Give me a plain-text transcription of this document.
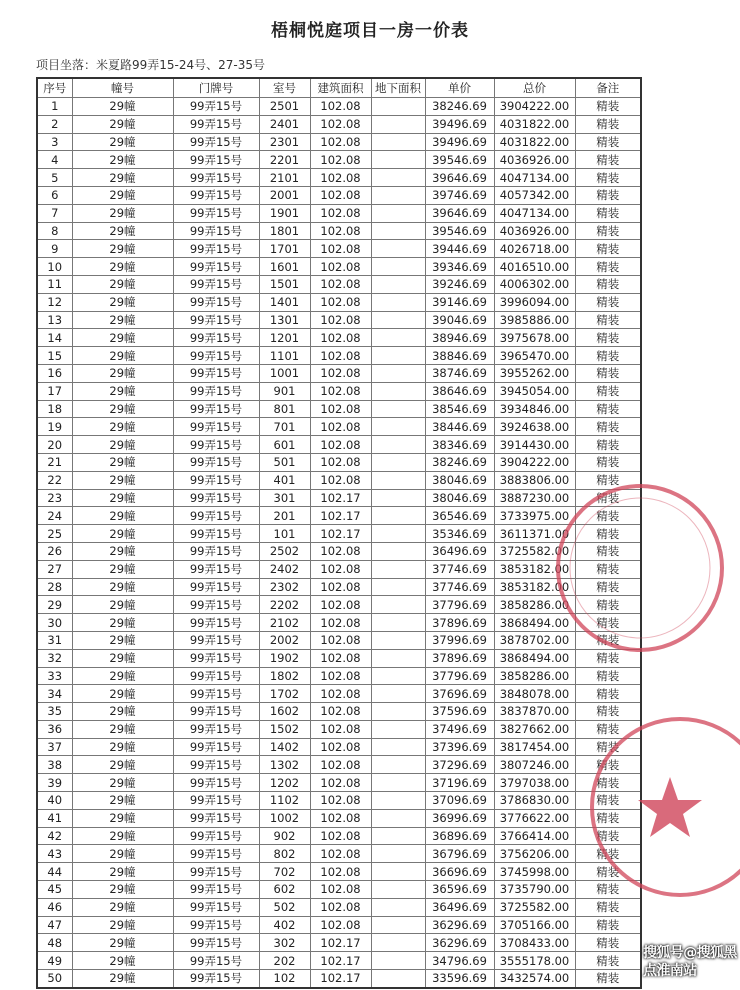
梧桐悦庭项目一房一价表
项目坐落：米夏路99弄15-24号、27-35号
序号	幢号	门牌号	室号	建筑面积	地下面积	单价	总价	备注
1	29幢	99弄15号	2501	102.08		38246.69	3904222.00	精装
2	29幢	99弄15号	2401	102.08		39496.69	4031822.00	精装
3	29幢	99弄15号	2301	102.08		39496.69	4031822.00	精装
4	29幢	99弄15号	2201	102.08		39546.69	4036926.00	精装
5	29幢	99弄15号	2101	102.08		39646.69	4047134.00	精装
6	29幢	99弄15号	2001	102.08		39746.69	4057342.00	精装
7	29幢	99弄15号	1901	102.08		39646.69	4047134.00	精装
8	29幢	99弄15号	1801	102.08		39546.69	4036926.00	精装
9	29幢	99弄15号	1701	102.08		39446.69	4026718.00	精装
10	29幢	99弄15号	1601	102.08		39346.69	4016510.00	精装
11	29幢	99弄15号	1501	102.08		39246.69	4006302.00	精装
12	29幢	99弄15号	1401	102.08		39146.69	3996094.00	精装
13	29幢	99弄15号	1301	102.08		39046.69	3985886.00	精装
14	29幢	99弄15号	1201	102.08		38946.69	3975678.00	精装
15	29幢	99弄15号	1101	102.08		38846.69	3965470.00	精装
16	29幢	99弄15号	1001	102.08		38746.69	3955262.00	精装
17	29幢	99弄15号	901	102.08		38646.69	3945054.00	精装
18	29幢	99弄15号	801	102.08		38546.69	3934846.00	精装
19	29幢	99弄15号	701	102.08		38446.69	3924638.00	精装
20	29幢	99弄15号	601	102.08		38346.69	3914430.00	精装
21	29幢	99弄15号	501	102.08		38246.69	3904222.00	精装
22	29幢	99弄15号	401	102.08		38046.69	3883806.00	精装
23	29幢	99弄15号	301	102.17		38046.69	3887230.00	精装
24	29幢	99弄15号	201	102.17		36546.69	3733975.00	精装
25	29幢	99弄15号	101	102.17		35346.69	3611371.00	精装
26	29幢	99弄15号	2502	102.08		36496.69	3725582.00	精装
27	29幢	99弄15号	2402	102.08		37746.69	3853182.00	精装
28	29幢	99弄15号	2302	102.08		37746.69	3853182.00	精装
29	29幢	99弄15号	2202	102.08		37796.69	3858286.00	精装
30	29幢	99弄15号	2102	102.08		37896.69	3868494.00	精装
31	29幢	99弄15号	2002	102.08		37996.69	3878702.00	精装
32	29幢	99弄15号	1902	102.08		37896.69	3868494.00	精装
33	29幢	99弄15号	1802	102.08		37796.69	3858286.00	精装
34	29幢	99弄15号	1702	102.08		37696.69	3848078.00	精装
35	29幢	99弄15号	1602	102.08		37596.69	3837870.00	精装
36	29幢	99弄15号	1502	102.08		37496.69	3827662.00	精装
37	29幢	99弄15号	1402	102.08		37396.69	3817454.00	精装
38	29幢	99弄15号	1302	102.08		37296.69	3807246.00	精装
39	29幢	99弄15号	1202	102.08		37196.69	3797038.00	精装
40	29幢	99弄15号	1102	102.08		37096.69	3786830.00	精装
41	29幢	99弄15号	1002	102.08		36996.69	3776622.00	精装
42	29幢	99弄15号	902	102.08		36896.69	3766414.00	精装
43	29幢	99弄15号	802	102.08		36796.69	3756206.00	精装
44	29幢	99弄15号	702	102.08		36696.69	3745998.00	精装
45	29幢	99弄15号	602	102.08		36596.69	3735790.00	精装
46	29幢	99弄15号	502	102.08		36496.69	3725582.00	精装
47	29幢	99弄15号	402	102.08		36296.69	3705166.00	精装
48	29幢	99弄15号	302	102.17		36296.69	3708433.00	精装
49	29幢	99弄15号	202	102.17		34796.69	3555178.00	精装
50	29幢	99弄15号	102	102.17		33596.69	3432574.00	精装
搜狐号@搜狐黑点淮南站
